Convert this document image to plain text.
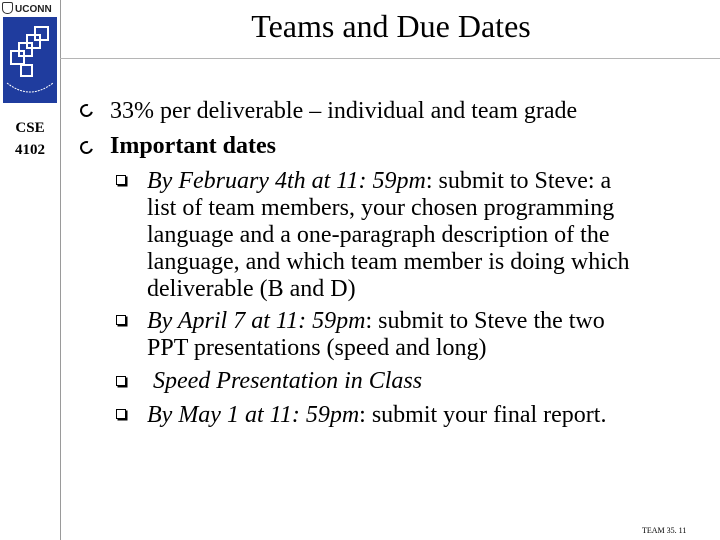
UCONN
CSE
4102
Teams and Due Dates
33% per deliverable – individual and team grade
Important dates
By February 4th at 11: 59pm: submit to Steve: a
list of team members, your chosen programming
language and a one-paragraph description of the
language, and which team member is doing which
deliverable (B and D)
By April 7 at 11: 59pm: submit to Steve the two
PPT presentations (speed and long)
Speed Presentation in Class
By May 1 at 11: 59pm: submit your final report.
TEAM 35. 11
